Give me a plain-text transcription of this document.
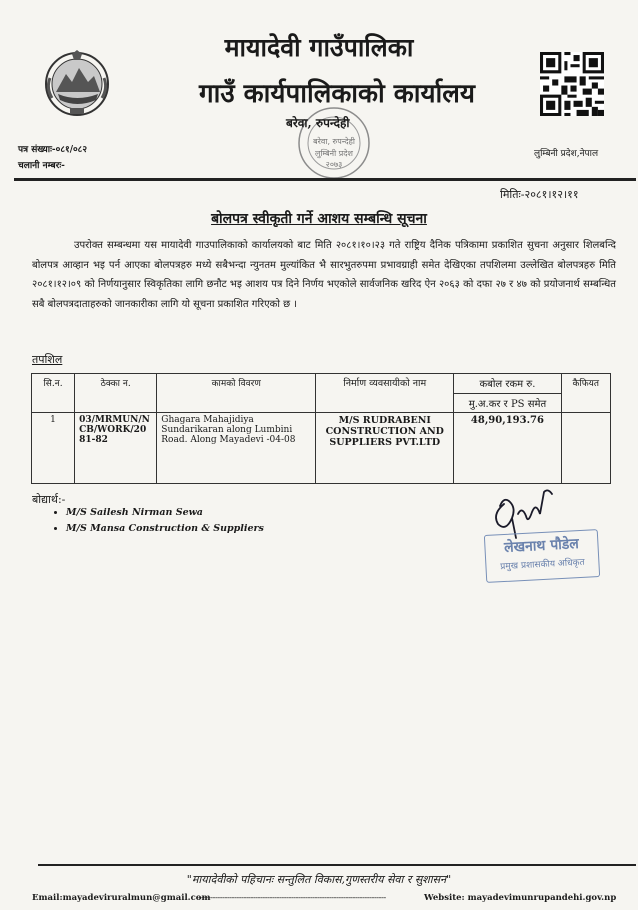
मायादेवी गाउँपालिका
गाउँ कार्यपालिकाको कार्यालय
बरेवा, रुपन्देही
लुम्बिनी प्रदेश
२०७३
बरेवा, रुपन्देही
पत्र संख्याः-०८१/०८२
चलानी नम्बरः-
लुम्बिनी प्रदेश,नेपाल
मितिः-२०८१।१२।११
बोलपत्र स्वीकृती गर्ने आशय सम्बन्धि सूचना
उपरोक्त सम्बन्धमा यस मायादेवी गाउपालिकाको कार्यालयको बाट मिति २०८१।१०।२३ गते राष्ट्रिय दैनिक पत्रिकामा प्रकाशित सुचना अनुसार शिलबन्दि बोलपत्र आव्हान भइ पर्न आएका बोलपत्रहरु मध्ये सबैभन्दा न्युनतम मुल्यांकित भै सारभुतरुपमा प्रभावग्राही समेत देखिएका तपशिलमा उल्लेखित बोलपत्रहरु मिति २०८१।१२।०९ को निर्णयानुसार स्विकृतिका लागि छनौट भइ आशय पत्र दिने निर्णय भएकोले सार्वजनिक खरिद ऐन २०६३ को दफा २७ र ४७ को प्रयोजनार्थ सम्बन्धित सबै बोलपत्रदाताहरुको जानकारीका लागि यो सूचना प्रकाशित गरिएको छ ।
तपशिल
सि.न.	ठेक्का न.	कामको विवरण	निर्माण व्यवसायीको नाम	कबोल रकम रु.
मु.अ.कर र PS समेत	कैफियत
1	03/MRMUN/NCB/WORK/2081-82	Ghagara Mahajidiya Sundarikaran along Lumbini Road. Along Mayadevi -04-08	M/S RUDRABENI CONSTRUCTION AND SUPPLIERS PVT.LTD	48,90,193.76	
बोद्यार्थ:-
• M/S Sailesh Nirman Sewa
• M/S Mansa Construction & Suppliers
लेखनाथ पौडेल
प्रमुख प्रशासकीय अधिकृत
"मायादेवीको पहिचानः सन्तुलित विकास,गुणस्तरीय सेवा र सुशासन"
Email:mayadeviruralmun@gmail.com
--------------------------------------------------------------------------------	Website: mayadevimunrupandehi.gov.np
